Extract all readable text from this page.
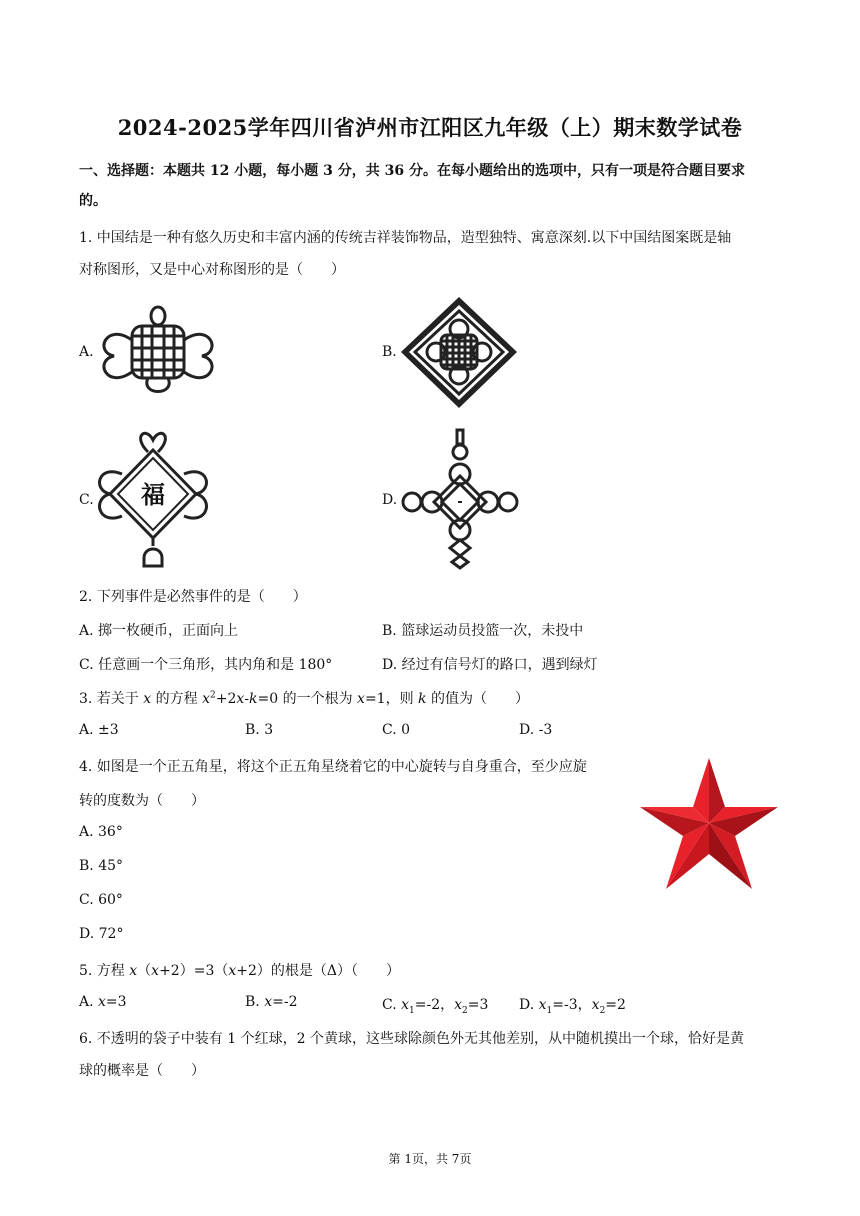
2024-2025学年四川省泸州市江阳区九年级（上）期末数学试卷
一、选择题：本题共 12 小题，每小题 3 分，共 36 分。在每小题给出的选项中，只有一项是符合题目要求
的。
1. 中国结是一种有悠久历史和丰富内涵的传统吉祥装饰物品，造型独特、寓意深刻.以下中国结图案既是轴
对称图形，又是中心对称图形的是（　　）
A.	B.
C. 福	D.
2. 下列事件是必然事件的是（　　）
A. 掷一枚硬币，正面向上	B. 篮球运动员投篮一次，未投中
C. 任意画一个三角形，其内角和是 180°	D. 经过有信号灯的路口，遇到绿灯
3. 若关于 x 的方程 $x^2+2x-k=0$ 的一个根为 x=1，则 k 的值为（　　）
A. ±3	B. 3	C. 0	D. -3
4. 如图是一个正五角星，将这个正五角星绕着它的中心旋转与自身重合，至少应旋
转的度数为（　　）
A. 36°
B. 45°
C. 60°
D. 72°
5. 方程 x（x+2）=3（x+2）的根是（Δ）（　　）
A. x=3	B. x=-2	C. $x_1=-2$，$x_2=3$ D. $x_1=-3$，$x_2=2$
6. 不透明的袋子中装有 1 个红球，2 个黄球，这些球除颜色外无其他差别，从中随机摸出一个球，恰好是黄
球的概率是（　　）
第 1页，共 7页
